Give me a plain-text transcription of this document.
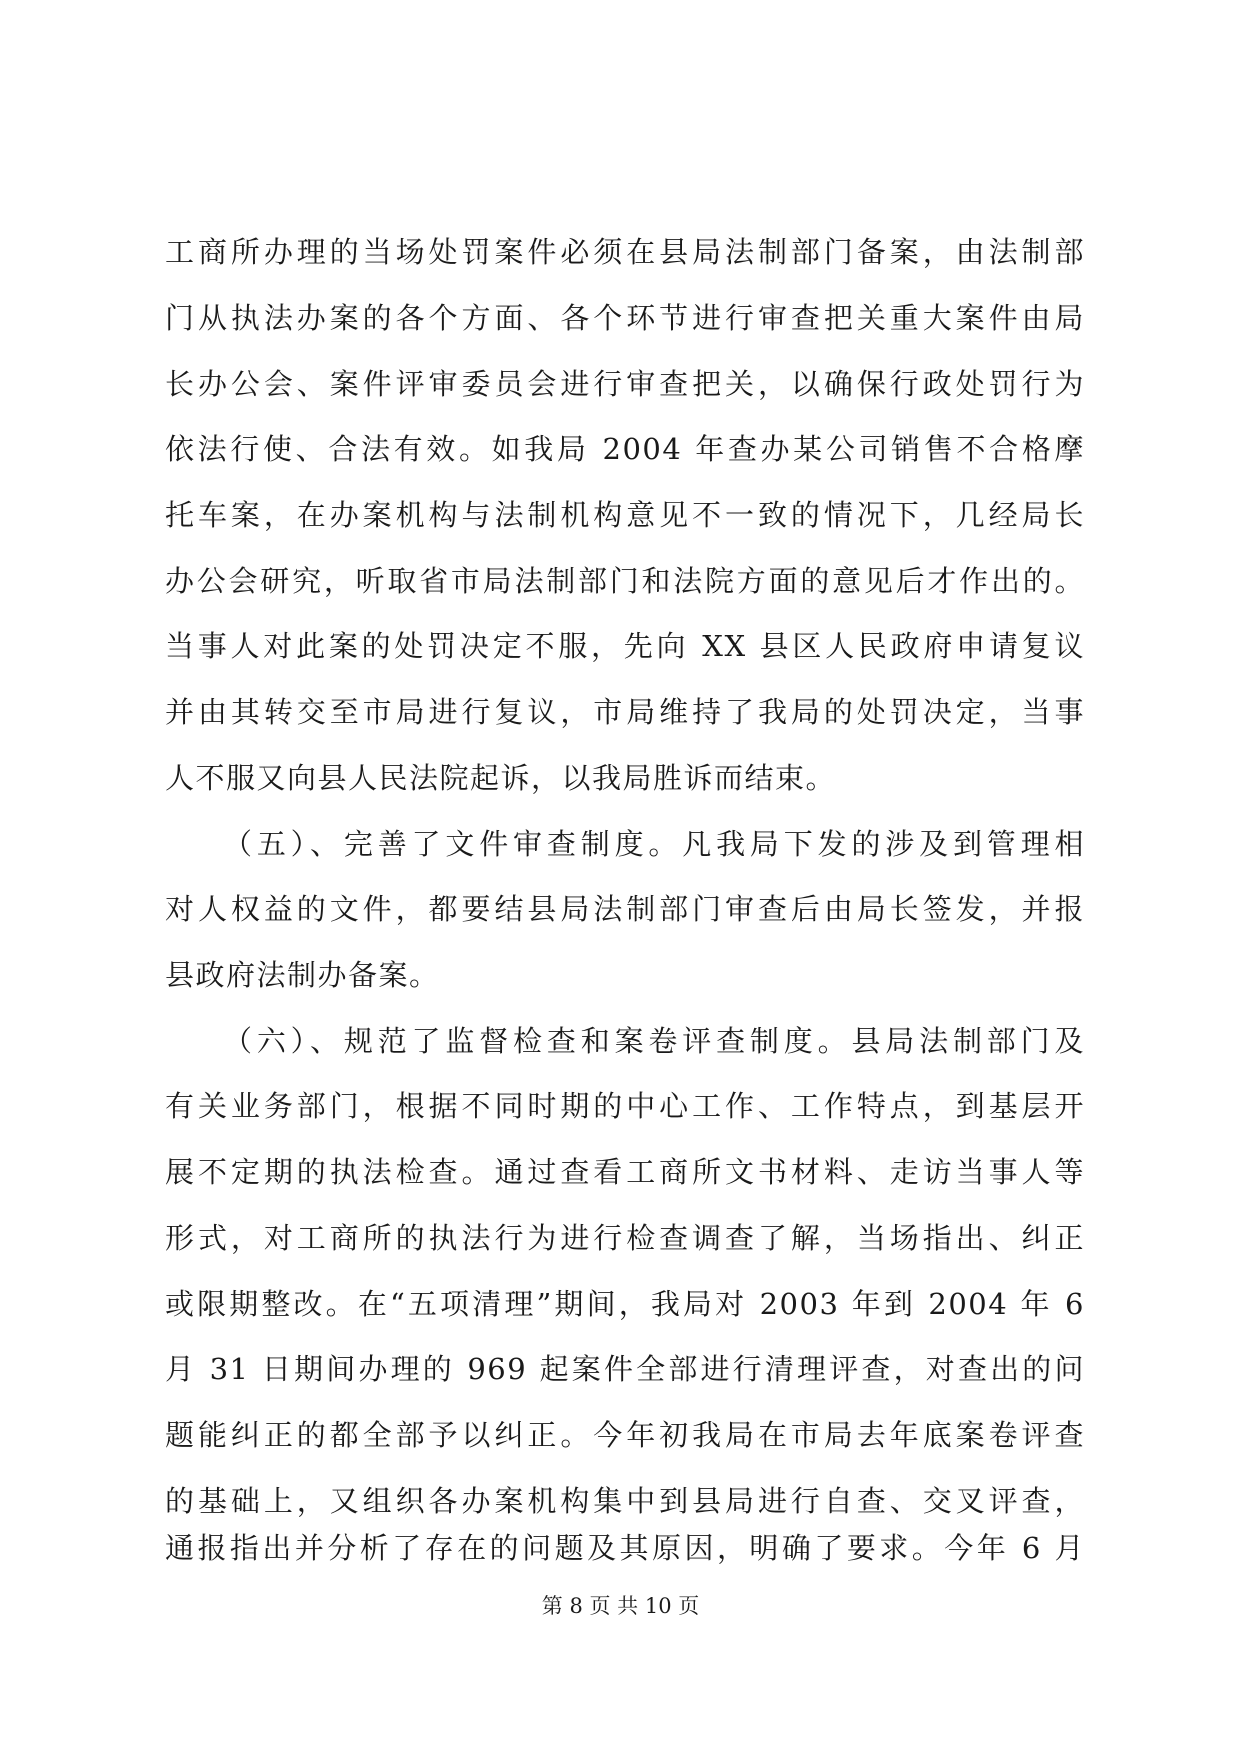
工商所办理的当场处罚案件必须在县局法制部门备案，由法制部
门从执法办案的各个方面、各个环节进行审查把关重大案件由局
长办公会、案件评审委员会进行审查把关，以确保行政处罚行为
依法行使、合法有效。如我局 2004 年查办某公司销售不合格摩
托车案，在办案机构与法制机构意见不一致的情况下，几经局长
办公会研究，听取省市局法制部门和法院方面的意见后才作出的。
当事人对此案的处罚决定不服，先向 XX 县区人民政府申请复议
并由其转交至市局进行复议，市局维持了我局的处罚决定，当事
人不服又向县人民法院起诉，以我局胜诉而结束。
（五）、完善了文件审查制度。凡我局下发的涉及到管理相
对人权益的文件，都要结县局法制部门审查后由局长签发，并报
县政府法制办备案。
（六）、规范了监督检查和案卷评查制度。县局法制部门及
有关业务部门，根据不同时期的中心工作、工作特点，到基层开
展不定期的执法检查。通过查看工商所文书材料、走访当事人等
形式，对工商所的执法行为进行检查调查了解，当场指出、纠正
或限期整改。在“五项清理”期间，我局对 2003 年到 2004 年 6
月 31 日期间办理的 969 起案件全部进行清理评查，对查出的问
题能纠正的都全部予以纠正。今年初我局在市局去年底案卷评查
的基础上，又组织各办案机构集中到县局进行自查、交叉评查，
通报指出并分析了存在的问题及其原因，明确了要求。今年 6 月
第 8 页 共 10 页
